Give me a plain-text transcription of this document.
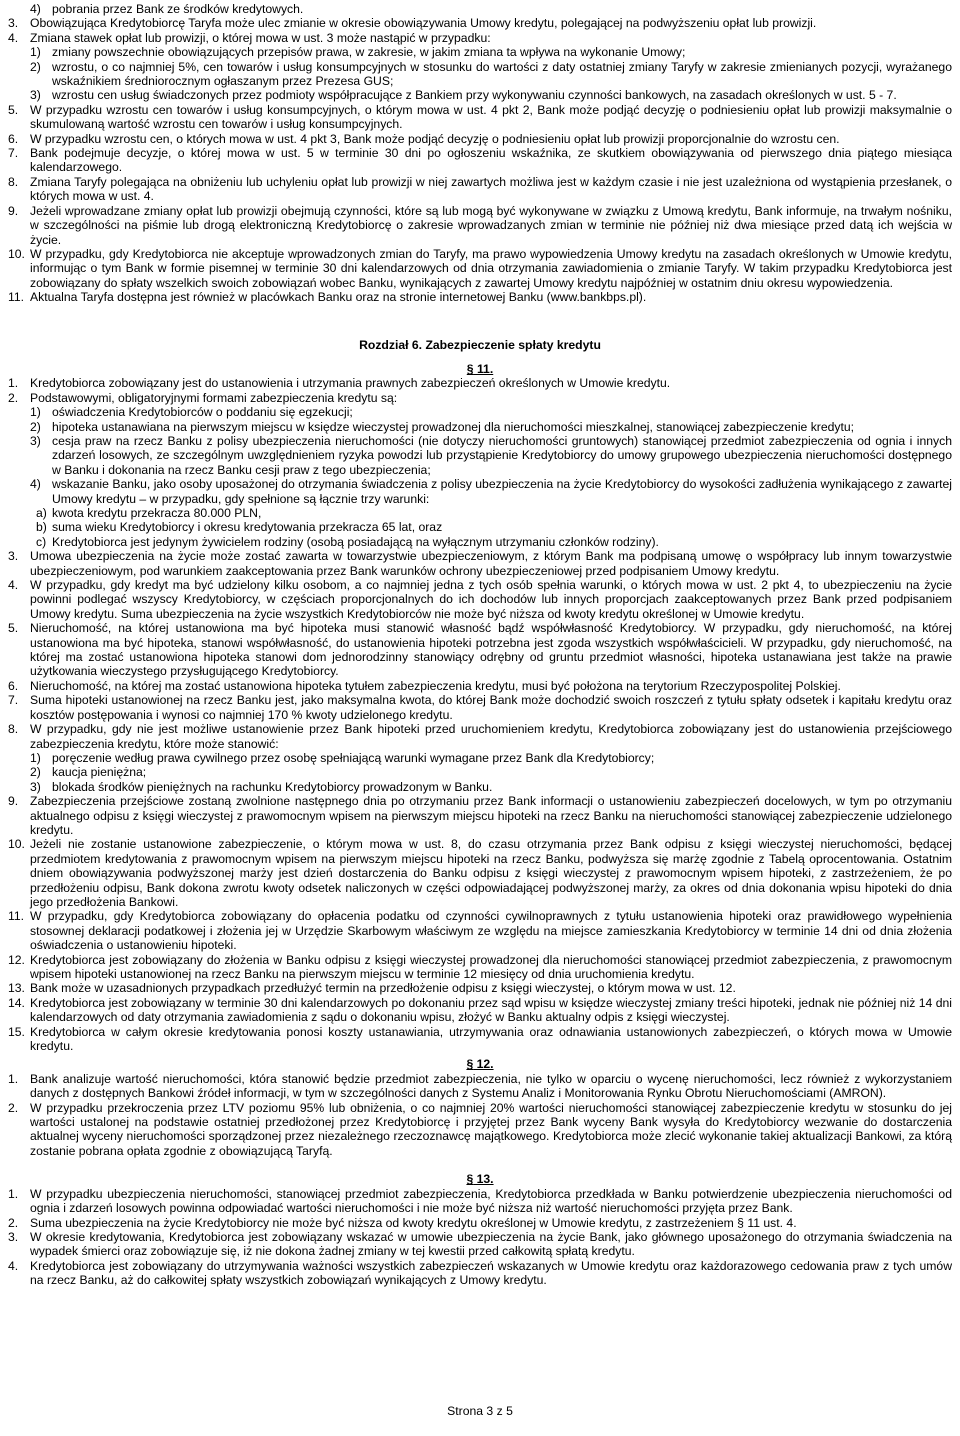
4) pobrania przez Bank ze środków kredytowych.
3. Obowiązująca Kredytobiorcę Taryfa może ulec zmianie w okresie obowiązywania Umowy kredytu, polegającej na podwyższeniu opłat lub prowizji.
4. Zmiana stawek opłat lub prowizji, o której mowa w ust. 3 może nastąpić w przypadku:
1) zmiany powszechnie obowiązujących przepisów prawa, w zakresie, w jakim zmiana ta wpływa na wykonanie Umowy;
2) wzrostu, o co najmniej 5%, cen towarów i usług konsumpcyjnych w stosunku do wartości z daty ostatniej zmiany Taryfy w zakresie zmienianych pozycji, wyrażanego wskaźnikiem średniorocznym ogłaszanym przez Prezesa GUS;
3) wzrostu cen usług świadczonych przez podmioty współpracujące z Bankiem przy wykonywaniu czynności bankowych, na zasadach określonych w ust. 5 - 7.
5. W przypadku wzrostu cen towarów i usług konsumpcyjnych, o którym mowa w ust. 4 pkt 2, Bank może podjąć decyzję o podniesieniu opłat lub prowizji maksymalnie o skumulowaną wartość wzrostu cen towarów i usług konsumpcyjnych.
6. W przypadku wzrostu cen, o których mowa w ust. 4 pkt 3, Bank może podjąć decyzję o podniesieniu opłat lub prowizji proporcjonalnie do wzrostu cen.
7. Bank podejmuje decyzje, o której mowa w ust. 5 w terminie 30 dni po ogłoszeniu wskaźnika, ze skutkiem obowiązywania od pierwszego dnia piątego miesiąca kalendarzowego.
8. Zmiana Taryfy polegająca na obniżeniu lub uchyleniu opłat lub prowizji w niej zawartych możliwa jest w każdym czasie i nie jest uzależniona od wystąpienia przesłanek, o których mowa w ust. 4.
9. Jeżeli wprowadzane zmiany opłat lub prowizji obejmują czynności, które są lub mogą być wykonywane w związku z Umową kredytu, Bank informuje, na trwałym nośniku, w szczególności na piśmie lub drogą elektroniczną Kredytobiorcę o zakresie wprowadzanych zmian w terminie nie później niż dwa miesiące przed datą ich wejścia w życie.
10. W przypadku, gdy Kredytobiorca nie akceptuje wprowadzonych zmian do Taryfy, ma prawo wypowiedzenia Umowy kredytu na zasadach określonych w Umowie kredytu, informując o tym Bank w formie pisemnej w terminie 30 dni kalendarzowych od dnia otrzymania zawiadomienia o zmianie Taryfy. W takim przypadku Kredytobiorca jest zobowiązany do spłaty wszelkich swoich zobowiązań wobec Banku, wynikających z zawartej Umowy kredytu najpóźniej w ostatnim dniu okresu wypowiedzenia.
11. Aktualna Taryfa dostępna jest również w placówkach Banku oraz na stronie internetowej Banku (www.bankbps.pl).
Rozdział 6. Zabezpieczenie spłaty kredytu
§ 11.
1. Kredytobiorca zobowiązany jest do ustanowienia i utrzymania prawnych zabezpieczeń określonych w Umowie kredytu.
2. Podstawowymi, obligatoryjnymi formami zabezpieczenia kredytu są:
1) oświadczenia Kredytobiorców o poddaniu się egzekucji;
2) hipoteka ustanawiana na pierwszym miejscu w księdze wieczystej prowadzonej dla nieruchomości mieszkalnej, stanowiącej zabezpieczenie kredytu;
3) cesja praw na rzecz Banku z polisy ubezpieczenia nieruchomości (nie dotyczy nieruchomości gruntowych) stanowiącej przedmiot zabezpieczenia od ognia i innych zdarzeń losowych, ze szczególnym uwzględnieniem ryzyka powodzi lub przystąpienie Kredytobiorcy do umowy grupowego ubezpieczenia nieruchomości dostępnego w Banku i dokonania na rzecz Banku cesji praw z tego ubezpieczenia;
4) wskazanie Banku, jako osoby uposażonej do otrzymania świadczenia z polisy ubezpieczenia na życie Kredytobiorcy do wysokości zadłużenia wynikającego z zawartej Umowy kredytu – w przypadku, gdy spełnione są łącznie trzy warunki:
a) kwota kredytu przekracza 80.000 PLN,
b) suma wieku Kredytobiorcy i okresu kredytowania przekracza 65 lat, oraz
c) Kredytobiorca jest jedynym żywicielem rodziny (osobą posiadającą na wyłącznym utrzymaniu członków rodziny).
3. Umowa ubezpieczenia na życie może zostać zawarta w towarzystwie ubezpieczeniowym, z którym Bank ma podpisaną umowę o współpracy lub innym towarzystwie ubezpieczeniowym, pod warunkiem zaakceptowania przez Bank warunków ochrony ubezpieczeniowej przed podpisaniem Umowy kredytu.
4. W przypadku, gdy kredyt ma być udzielony kilku osobom, a co najmniej jedna z tych osób spełnia warunki, o których mowa w ust. 2 pkt 4, to ubezpieczeniu na życie powinni podlegać wszyscy Kredytobiorcy, w częściach proporcjonalnych do ich dochodów lub innych proporcjach zaakceptowanych przez Bank przed podpisaniem Umowy kredytu. Suma ubezpieczenia na życie wszystkich Kredytobiorców nie może być niższa od kwoty kredytu określonej w Umowie kredytu.
5. Nieruchomość, na której ustanowiona ma być hipoteka musi stanowić własność bądź współwłasność Kredytobiorcy. W przypadku, gdy nieruchomość, na której ustanowiona ma być hipoteka, stanowi współwłasność, do ustanowienia hipoteki potrzebna jest zgoda wszystkich współwłaścicieli. W przypadku, gdy nieruchomość, na której ma zostać ustanowiona hipoteka stanowi dom jednorodzinny stanowiący odrębny od gruntu przedmiot własności, hipoteka ustanawiana jest także na prawie użytkowania wieczystego przysługującego Kredytobiorcy.
6. Nieruchomość, na której ma zostać ustanowiona hipoteka tytułem zabezpieczenia kredytu, musi być położona na terytorium Rzeczypospolitej Polskiej.
7. Suma hipoteki ustanowionej na rzecz Banku jest, jako maksymalna kwota, do której Bank może dochodzić swoich roszczeń z tytułu spłaty odsetek i kapitału kredytu oraz kosztów postępowania i wynosi co najmniej 170 % kwoty udzielonego kredytu.
8. W przypadku, gdy nie jest możliwe ustanowienie przez Bank hipoteki przed uruchomieniem kredytu, Kredytobiorca zobowiązany jest do ustanowienia przejściowego zabezpieczenia kredytu, które może stanowić:
1) poręczenie według prawa cywilnego przez osobę spełniającą warunki wymagane przez Bank dla Kredytobiorcy;
2) kaucja pieniężna;
3) blokada środków pieniężnych na rachunku Kredytobiorcy prowadzonym w Banku.
9. Zabezpieczenia przejściowe zostaną zwolnione następnego dnia po otrzymaniu przez Bank informacji o ustanowieniu zabezpieczeń docelowych, w tym po otrzymaniu aktualnego odpisu z księgi wieczystej z prawomocnym wpisem na pierwszym miejscu hipoteki na rzecz Banku na nieruchomości stanowiącej zabezpieczenie udzielonego kredytu.
10. Jeżeli nie zostanie ustanowione zabezpieczenie, o którym mowa w ust. 8, do czasu otrzymania przez Bank odpisu z księgi wieczystej nieruchomości, będącej przedmiotem kredytowania z prawomocnym wpisem na pierwszym miejscu hipoteki na rzecz Banku, podwyższa się marżę zgodnie z Tabelą oprocentowania. Ostatnim dniem obowiązywania podwyższonej marży jest dzień dostarczenia do Banku odpisu z księgi wieczystej z prawomocnym wpisem hipoteki, z zastrzeżeniem, że po przedłożeniu odpisu, Bank dokona zwrotu kwoty odsetek naliczonych w części odpowiadającej podwyższonej marży, za okres od dnia dokonania wpisu hipoteki do dnia jego przedłożenia Bankowi.
11. W przypadku, gdy Kredytobiorca zobowiązany do opłacenia podatku od czynności cywilnoprawnych z tytułu ustanowienia hipoteki oraz prawidłowego wypełnienia stosownej deklaracji podatkowej i złożenia jej w Urzędzie Skarbowym właściwym ze względu na miejsce zamieszkania Kredytobiorcy w terminie 14 dni od dnia złożenia oświadczenia o ustanowieniu hipoteki.
12. Kredytobiorca jest zobowiązany do złożenia w Banku odpisu z księgi wieczystej prowadzonej dla nieruchomości stanowiącej przedmiot zabezpieczenia, z prawomocnym wpisem hipoteki ustanowionej na rzecz Banku na pierwszym miejscu w terminie 12 miesięcy od dnia uruchomienia kredytu.
13. Bank może w uzasadnionych przypadkach przedłużyć termin na przedłożenie odpisu z księgi wieczystej, o którym mowa w ust. 12.
14. Kredytobiorca jest zobowiązany w terminie 30 dni kalendarzowych po dokonaniu przez sąd wpisu w księdze wieczystej zmiany treści hipoteki, jednak nie później niż 14 dni kalendarzowych od daty otrzymania zawiadomienia z sądu o dokonaniu wpisu, złożyć w Banku aktualny odpis z księgi wieczystej.
15. Kredytobiorca w całym okresie kredytowania ponosi koszty ustanawiania, utrzymywania oraz odnawiania ustanowionych zabezpieczeń, o których mowa w Umowie kredytu.
§ 12.
1. Bank analizuje wartość nieruchomości, która stanowić będzie przedmiot zabezpieczenia, nie tylko w oparciu o wycenę nieruchomości, lecz również z wykorzystaniem danych z dostępnych Bankowi źródeł informacji, w tym w szczególności danych z Systemu Analiz i Monitorowania Rynku Obrotu Nieruchomościami (AMRON).
2. W przypadku przekroczenia przez LTV poziomu 95% lub obniżenia, o co najmniej 20% wartości nieruchomości stanowiącej zabezpieczenie kredytu w stosunku do jej wartości ustalonej na podstawie ostatniej przedłożonej przez Kredytobiorcę i przyjętej przez Bank wyceny Bank wysyła do Kredytobiorcy wezwanie do dostarczenia aktualnej wyceny nieruchomości sporządzonej przez niezależnego rzeczoznawcę majątkowego. Kredytobiorca może zlecić wykonanie takiej aktualizacji Bankowi, za którą zostanie pobrana opłata zgodnie z obowiązującą Taryfą.
§ 13.
1. W przypadku ubezpieczenia nieruchomości, stanowiącej przedmiot zabezpieczenia, Kredytobiorca przedkłada w Banku potwierdzenie ubezpieczenia nieruchomości od ognia i zdarzeń losowych powinna odpowiadać wartości nieruchomości i nie może być niższa niż wartość nieruchomości przyjęta przez Bank.
2. Suma ubezpieczenia na życie Kredytobiorcy nie może być niższa od kwoty kredytu określonej w Umowie kredytu, z zastrzeżeniem § 11 ust. 4.
3. W okresie kredytowania, Kredytobiorca jest zobowiązany wskazać w umowie ubezpieczenia na życie Bank, jako głównego uposażonego do otrzymania świadczenia na wypadek śmierci oraz zobowiązuje się, iż nie dokona żadnej zmiany w tej kwestii przed całkowitą spłatą kredytu.
4. Kredytobiorca jest zobowiązany do utrzymywania ważności wszystkich zabezpieczeń wskazanych w Umowie kredytu oraz każdorazowego cedowania praw z tych umów na rzecz Banku, aż do całkowitej spłaty wszystkich zobowiązań wynikających z Umowy kredytu.
Strona 3 z 5
